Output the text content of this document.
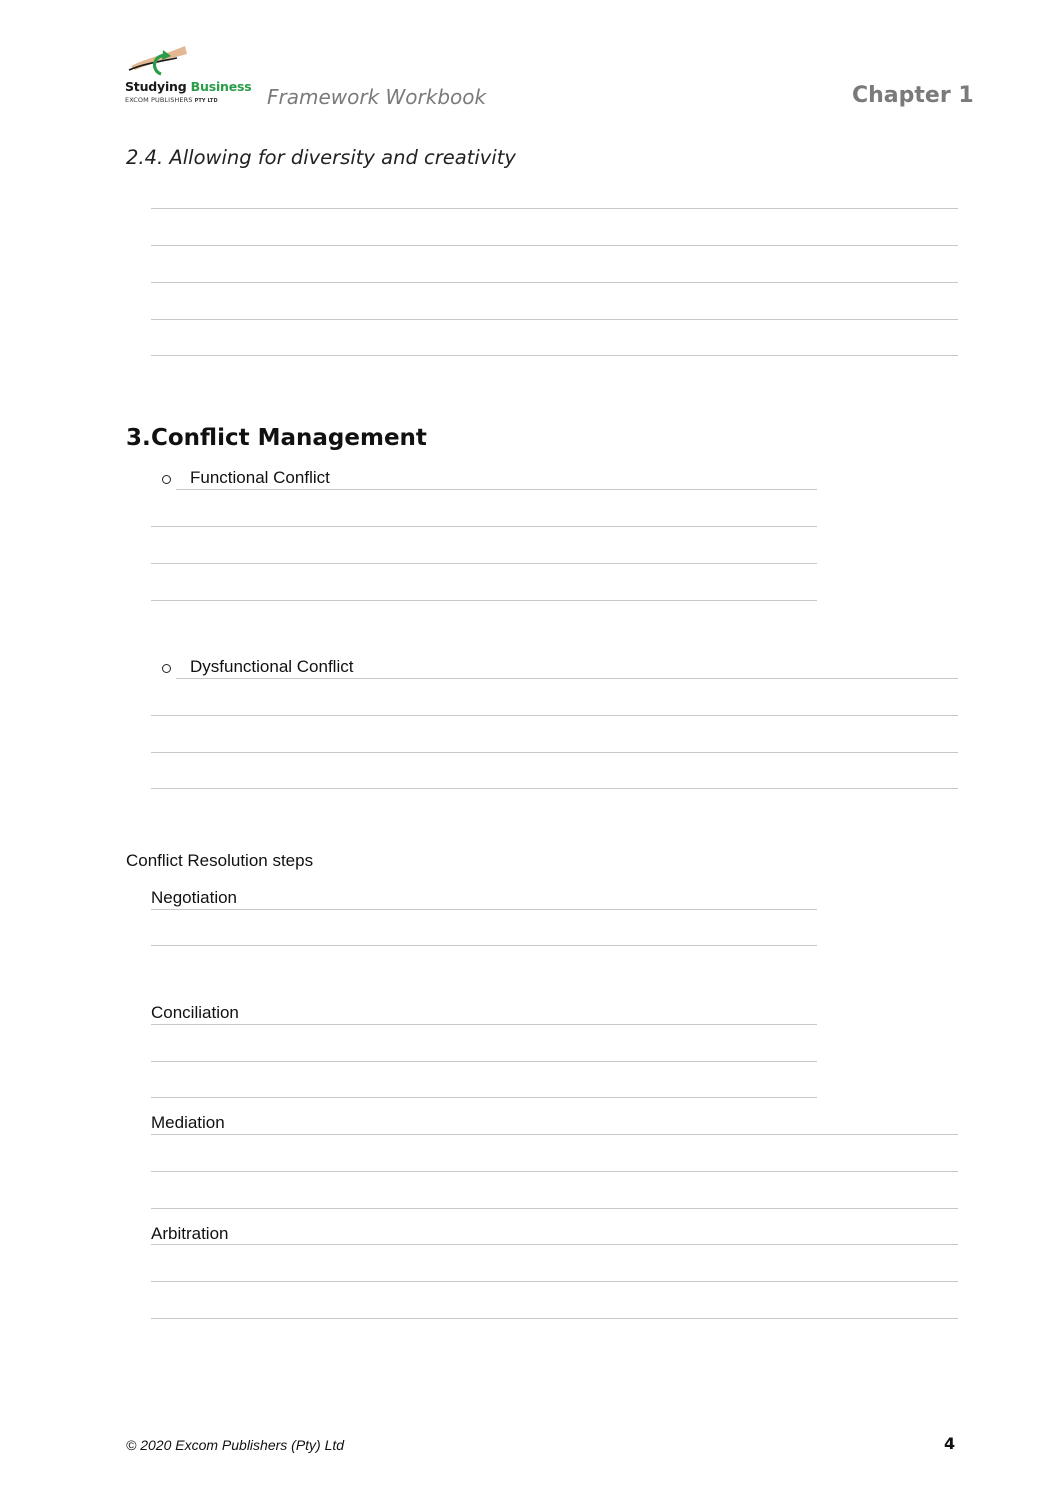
Studying Business
EXCOM PUBLISHERS PTY LTD Framework Workbook	Chapter 1
2.4. Allowing for diversity and creativity
3. Conflict Management
Functional Conflict
Dysfunctional Conflict
Conflict Resolution steps
Negotiation
Conciliation
Mediation
Arbitration
© 2020 Excom Publishers (Pty) Ltd	4
